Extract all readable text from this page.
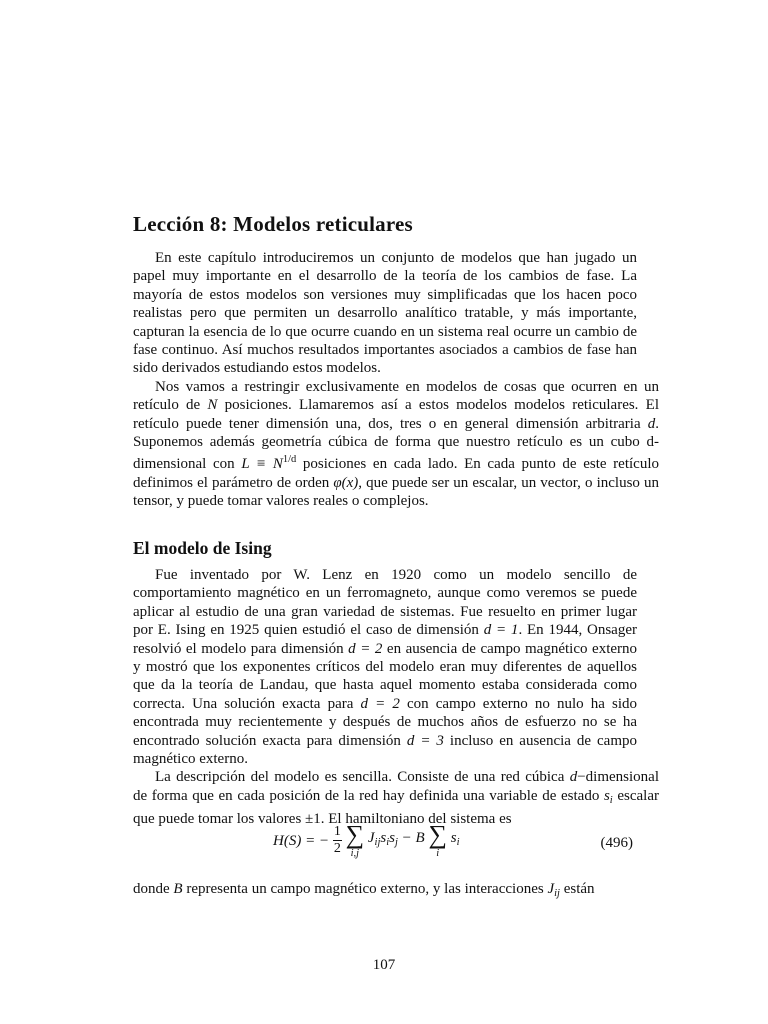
Lección 8: Modelos reticulares

En este capítulo introduciremos un conjunto de modelos que han jugado un papel muy importante en el desarrollo de la teoría de los cambios de fase. La mayoría de estos modelos son versiones muy simplificadas que los hacen poco realistas pero que permiten un desarrollo analítico tratable, y más importante, capturan la esencia de lo que ocurre cuando en un sistema real ocurre un cambio de fase continuo. Así muchos resultados importantes asociados a cambios de fase han sido derivados estudiando estos modelos.

Nos vamos a restringir exclusivamente en modelos de cosas que ocurren en un retículo de N posiciones. Llamaremos así a estos modelos modelos reticulares. El retículo puede tener dimensión una, dos, tres o en general dimensión arbitraria d. Suponemos además geometría cúbica de forma que nuestro retículo es un cubo d-dimensional con $L \equiv N^{1/d}$ posiciones en cada lado. En cada punto de este retículo definimos el parámetro de orden φ(x), que puede ser un escalar, un vector, o incluso un tensor, y puede tomar valores reales o complejos.

El modelo de Ising

Fue inventado por W. Lenz en 1920 como un modelo sencillo de comportamiento magnético en un ferromagneto, aunque como veremos se puede aplicar al estudio de una gran variedad de sistemas. Fue resuelto en primer lugar por E. Ising en 1925 quien estudió el caso de dimensión d = 1. En 1944, Onsager resolvió el modelo para dimensión d = 2 en ausencia de campo magnético externo y mostró que los exponentes críticos del modelo eran muy diferentes de aquellos que da la teoría de Landau, que hasta aquel momento estaba considerada como correcta. Una solución exacta para d = 2 con campo externo no nulo ha sido encontrada muy recientemente y después de muchos años de esfuerzo no se ha encontrado solución exacta para dimensión d = 3 incluso en ausencia de campo magnético externo.

La descripción del modelo es sencilla. Consiste de una red cúbica d−dimensional de forma que en cada posición de la red hay definida una variable de estado $s_i$ escalar que puede tomar los valores ±1. El hamiltoniano del sistema es

H(S) = − $\frac{1}{2}$
∑
i,j
$J_{ij}s_is_j - B$ ∑
i
$s_i$	(496)

donde B representa un campo magnético externo, y las interacciones $J_{ij}$ están

107
